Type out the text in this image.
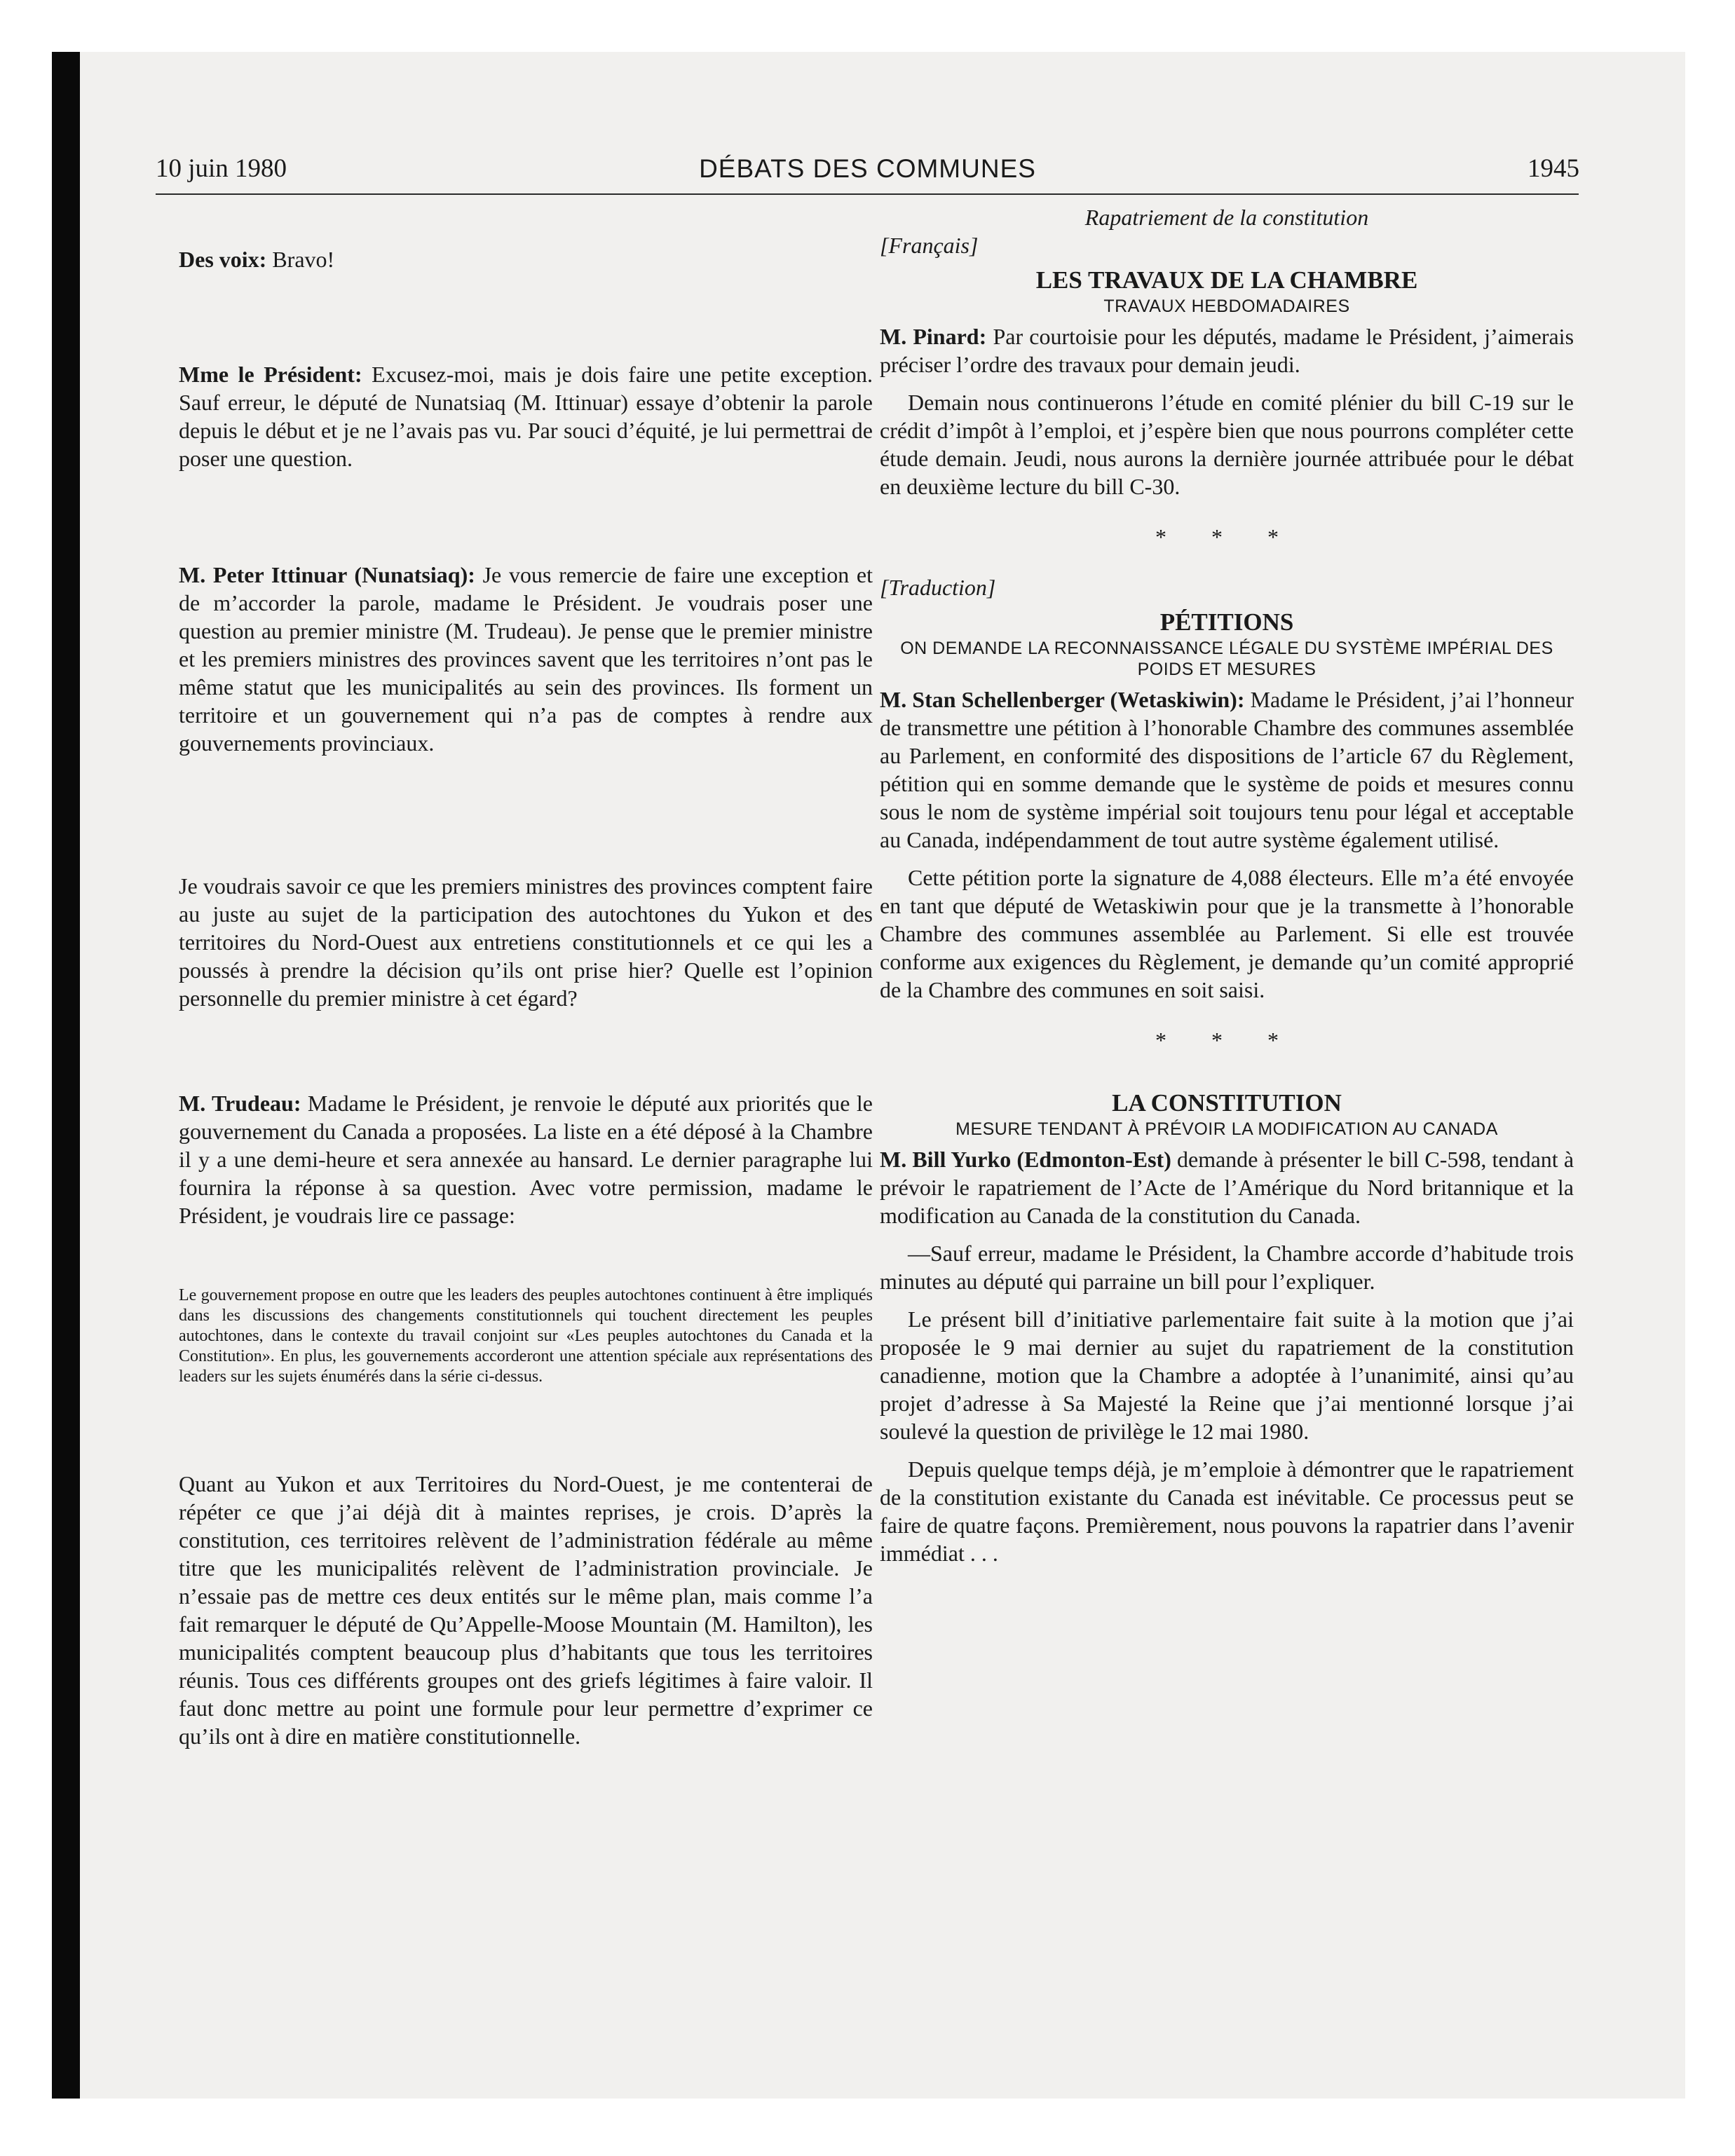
10 juin 1980	DÉBATS DES COMMUNES	1945

Des voix: Bravo!

Mme le Président: Excusez-moi, mais je dois faire une petite exception. Sauf erreur, le député de Nunatsiaq (M. Ittinuar) essaye d’obtenir la parole depuis le début et je ne l’avais pas vu. Par souci d’équité, je lui permettrai de poser une question.

M. Peter Ittinuar (Nunatsiaq): Je vous remercie de faire une exception et de m’accorder la parole, madame le Président. Je voudrais poser une question au premier ministre (M. Trudeau). Je pense que le premier ministre et les premiers ministres des provinces savent que les territoires n’ont pas le même statut que les municipalités au sein des provinces. Ils forment un territoire et un gouvernement qui n’a pas de comptes à rendre aux gouvernements provinciaux.

Je voudrais savoir ce que les premiers ministres des provinces comptent faire au juste au sujet de la participation des autochtones du Yukon et des territoires du Nord-Ouest aux entretiens constitutionnels et ce qui les a poussés à prendre la décision qu’ils ont prise hier? Quelle est l’opinion personnelle du premier ministre à cet égard?

M. Trudeau: Madame le Président, je renvoie le député aux priorités que le gouvernement du Canada a proposées. La liste en a été déposé à la Chambre il y a une demi-heure et sera annexée au hansard. Le dernier paragraphe lui fournira la réponse à sa question. Avec votre permission, madame le Président, je voudrais lire ce passage:

Le gouvernement propose en outre que les leaders des peuples autochtones continuent à être impliqués dans les discussions des changements constitutionnels qui touchent directement les peuples autochtones, dans le contexte du travail conjoint sur «Les peuples autochtones du Canada et la Constitution». En plus, les gouvernements accorderont une attention spéciale aux représentations des leaders sur les sujets énumérés dans la série ci-dessus.

Quant au Yukon et aux Territoires du Nord-Ouest, je me contenterai de répéter ce que j’ai déjà dit à maintes reprises, je crois. D’après la constitution, ces territoires relèvent de l’administration fédérale au même titre que les municipalités relèvent de l’administration provinciale. Je n’essaie pas de mettre ces deux entités sur le même plan, mais comme l’a fait remarquer le député de Qu’Appelle-Moose Mountain (M. Hamilton), les municipalités comptent beaucoup plus d’habitants que tous les territoires réunis. Tous ces différents groupes ont des griefs légitimes à faire valoir. Il faut donc mettre au point une formule pour leur permettre d’exprimer ce qu’ils ont à dire en matière constitutionnelle.

Rapatriement de la constitution

[Français]

LES TRAVAUX DE LA CHAMBRE

TRAVAUX HEBDOMADAIRES

M. Pinard: Par courtoisie pour les députés, madame le Président, j’aimerais préciser l’ordre des travaux pour demain jeudi.

Demain nous continuerons l’étude en comité plénier du bill C-19 sur le crédit d’impôt à l’emploi, et j’espère bien que nous pourrons compléter cette étude demain. Jeudi, nous aurons la dernière journée attribuée pour le débat en deuxième lecture du bill C-30.

* * *

[Traduction]

PÉTITIONS

ON DEMANDE LA RECONNAISSANCE LÉGALE DU SYSTÈME IMPÉRIAL DES POIDS ET MESURES

M. Stan Schellenberger (Wetaskiwin): Madame le Président, j’ai l’honneur de transmettre une pétition à l’honorable Chambre des communes assemblée au Parlement, en conformité des dispositions de l’article 67 du Règlement, pétition qui en somme demande que le système de poids et mesures connu sous le nom de système impérial soit toujours tenu pour légal et acceptable au Canada, indépendamment de tout autre système également utilisé.

Cette pétition porte la signature de 4,088 électeurs. Elle m’a été envoyée en tant que député de Wetaskiwin pour que je la transmette à l’honorable Chambre des communes assemblée au Parlement. Si elle est trouvée conforme aux exigences du Règlement, je demande qu’un comité approprié de la Chambre des communes en soit saisi.

* * *

LA CONSTITUTION

MESURE TENDANT À PRÉVOIR LA MODIFICATION AU CANADA

M. Bill Yurko (Edmonton-Est) demande à présenter le bill C-598, tendant à prévoir le rapatriement de l’Acte de l’Amérique du Nord britannique et la modification au Canada de la constitution du Canada.

—Sauf erreur, madame le Président, la Chambre accorde d’habitude trois minutes au député qui parraine un bill pour l’expliquer.

Le présent bill d’initiative parlementaire fait suite à la motion que j’ai proposée le 9 mai dernier au sujet du rapatriement de la constitution canadienne, motion que la Chambre a adoptée à l’unanimité, ainsi qu’au projet d’adresse à Sa Majesté la Reine que j’ai mentionné lorsque j’ai soulevé la question de privilège le 12 mai 1980.

Depuis quelque temps déjà, je m’emploie à démontrer que le rapatriement de la constitution existante du Canada est inévitable. Ce processus peut se faire de quatre façons. Premièrement, nous pouvons la rapatrier dans l’avenir immédiat . . .
